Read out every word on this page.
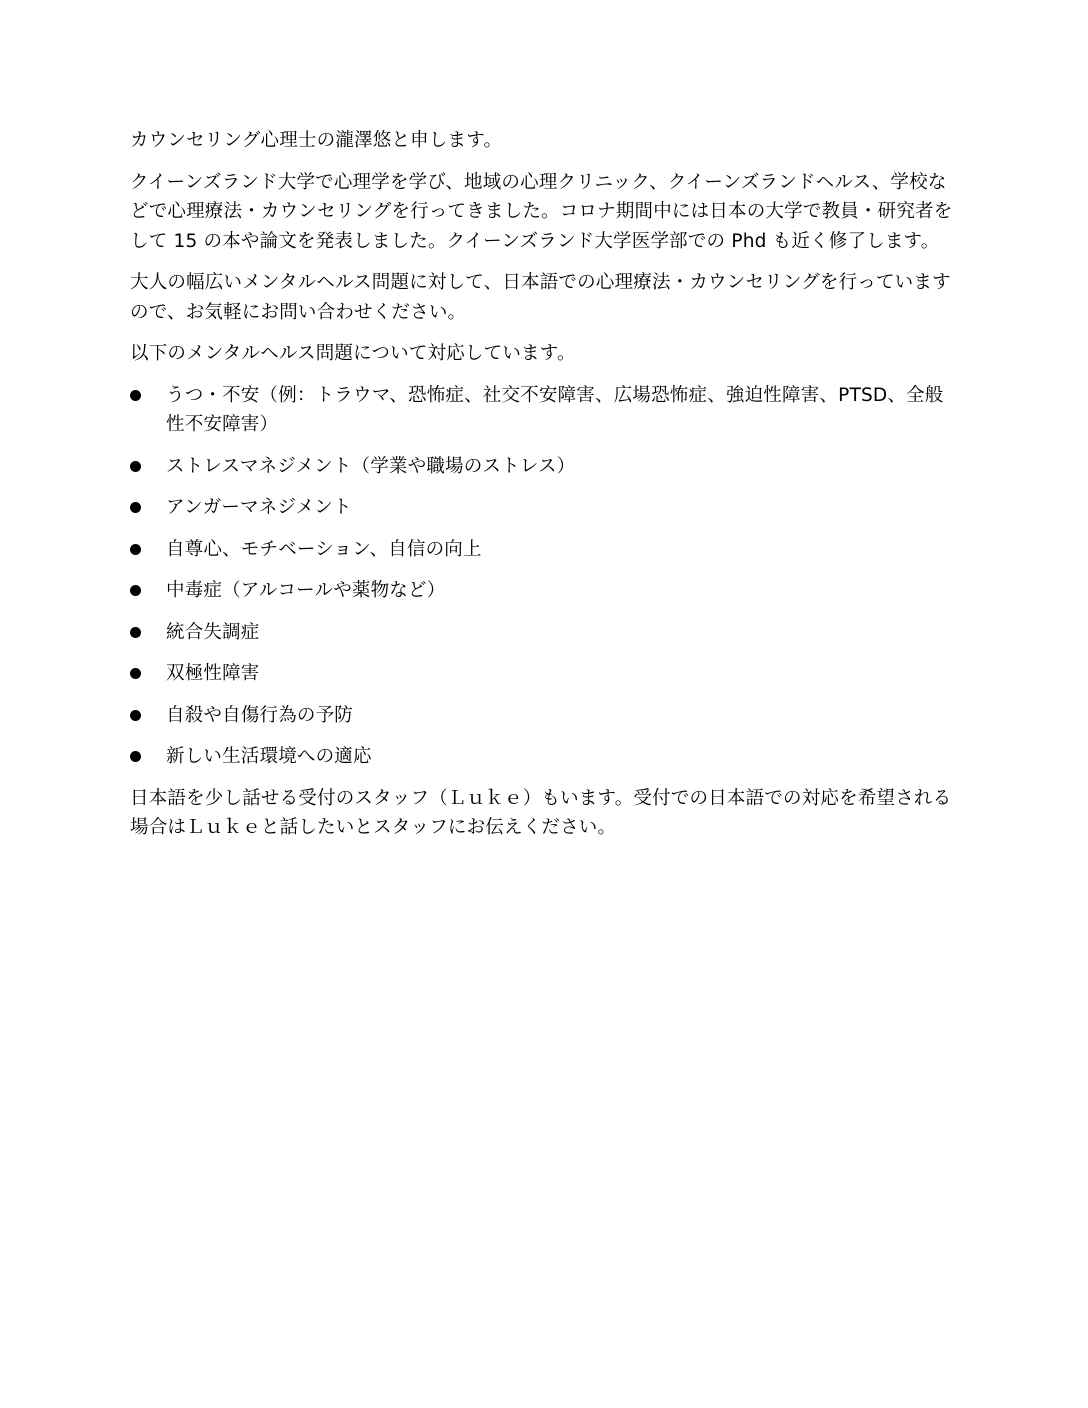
カウンセリング心理士の瀧澤悠と申します。

クイーンズランド大学で心理学を学び、地域の心理クリニック、クイーンズランドヘルス、学校などで心理療法・カウンセリングを行ってきました。コロナ期間中には日本の大学で教員・研究者をして 15 の本や論文を発表しました。クイーンズランド大学医学部での Phd も近く修了します。

大人の幅広いメンタルヘルス問題に対して、日本語での心理療法・カウンセリングを行っていますので、お気軽にお問い合わせください。

以下のメンタルヘルス問題について対応しています。

うつ・不安（例：トラウマ、恐怖症、社交不安障害、広場恐怖症、強迫性障害、PTSD、全般性不安障害）
ストレスマネジメント（学業や職場のストレス）
アンガーマネジメント
自尊心、モチベーション、自信の向上
中毒症（アルコールや薬物など）
統合失調症
双極性障害
自殺や自傷行為の予防
新しい生活環境への適応

日本語を少し話せる受付のスタッフ（Ｌｕｋｅ）もいます。受付での日本語での対応を希望される場合はＬｕｋｅと話したいとスタッフにお伝えください。
